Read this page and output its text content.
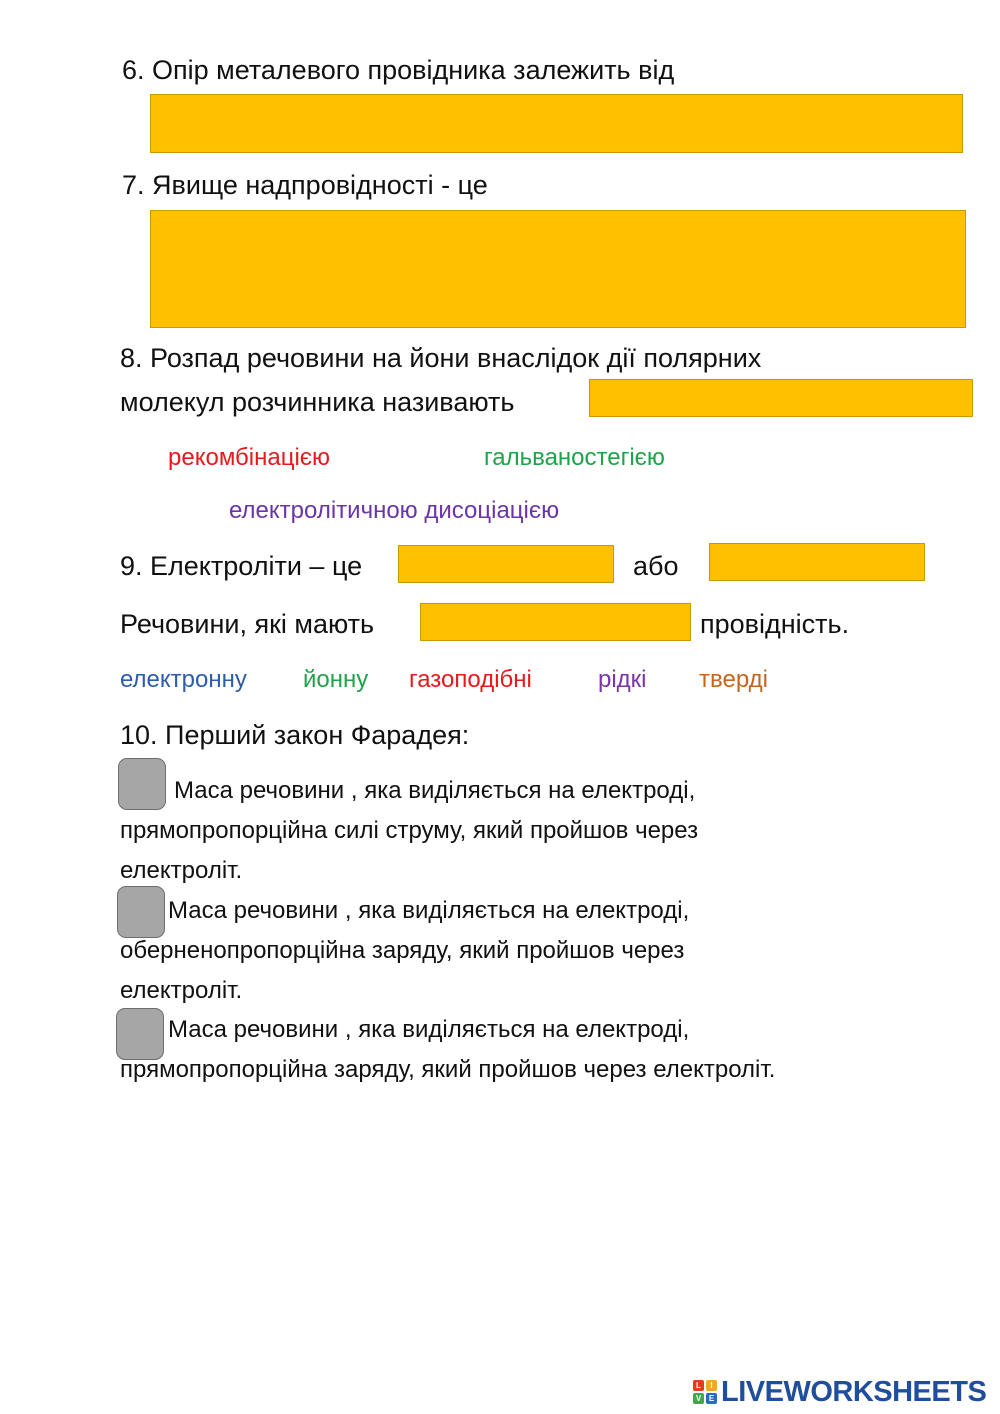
6. Опір металевого провідника залежить від
7. Явище надпровідності - це
8. Розпад речовини на йони внаслідок дії полярних
молекул розчинника називають
рекомбінацією	гальваностегією
електролітичною дисоціацією
9. Електроліти – це	або
Речовини, які мають	провідність.
електронну йонну газоподібні	рідкі тверді
10. Перший закон Фарадея:
Маса речовини , яка виділяється на електроді,
прямопропорційна силі струму, який пройшов через
електроліт.
Маса речовини , яка виділяється на електроді,
оберненопропорційна заряду, який пройшов через
електроліт.
Маса речовини , яка виділяється на електроді,
прямопропорційна заряду, який пройшов через електроліт.
L	I
V E LIVEWORKSHEETS
